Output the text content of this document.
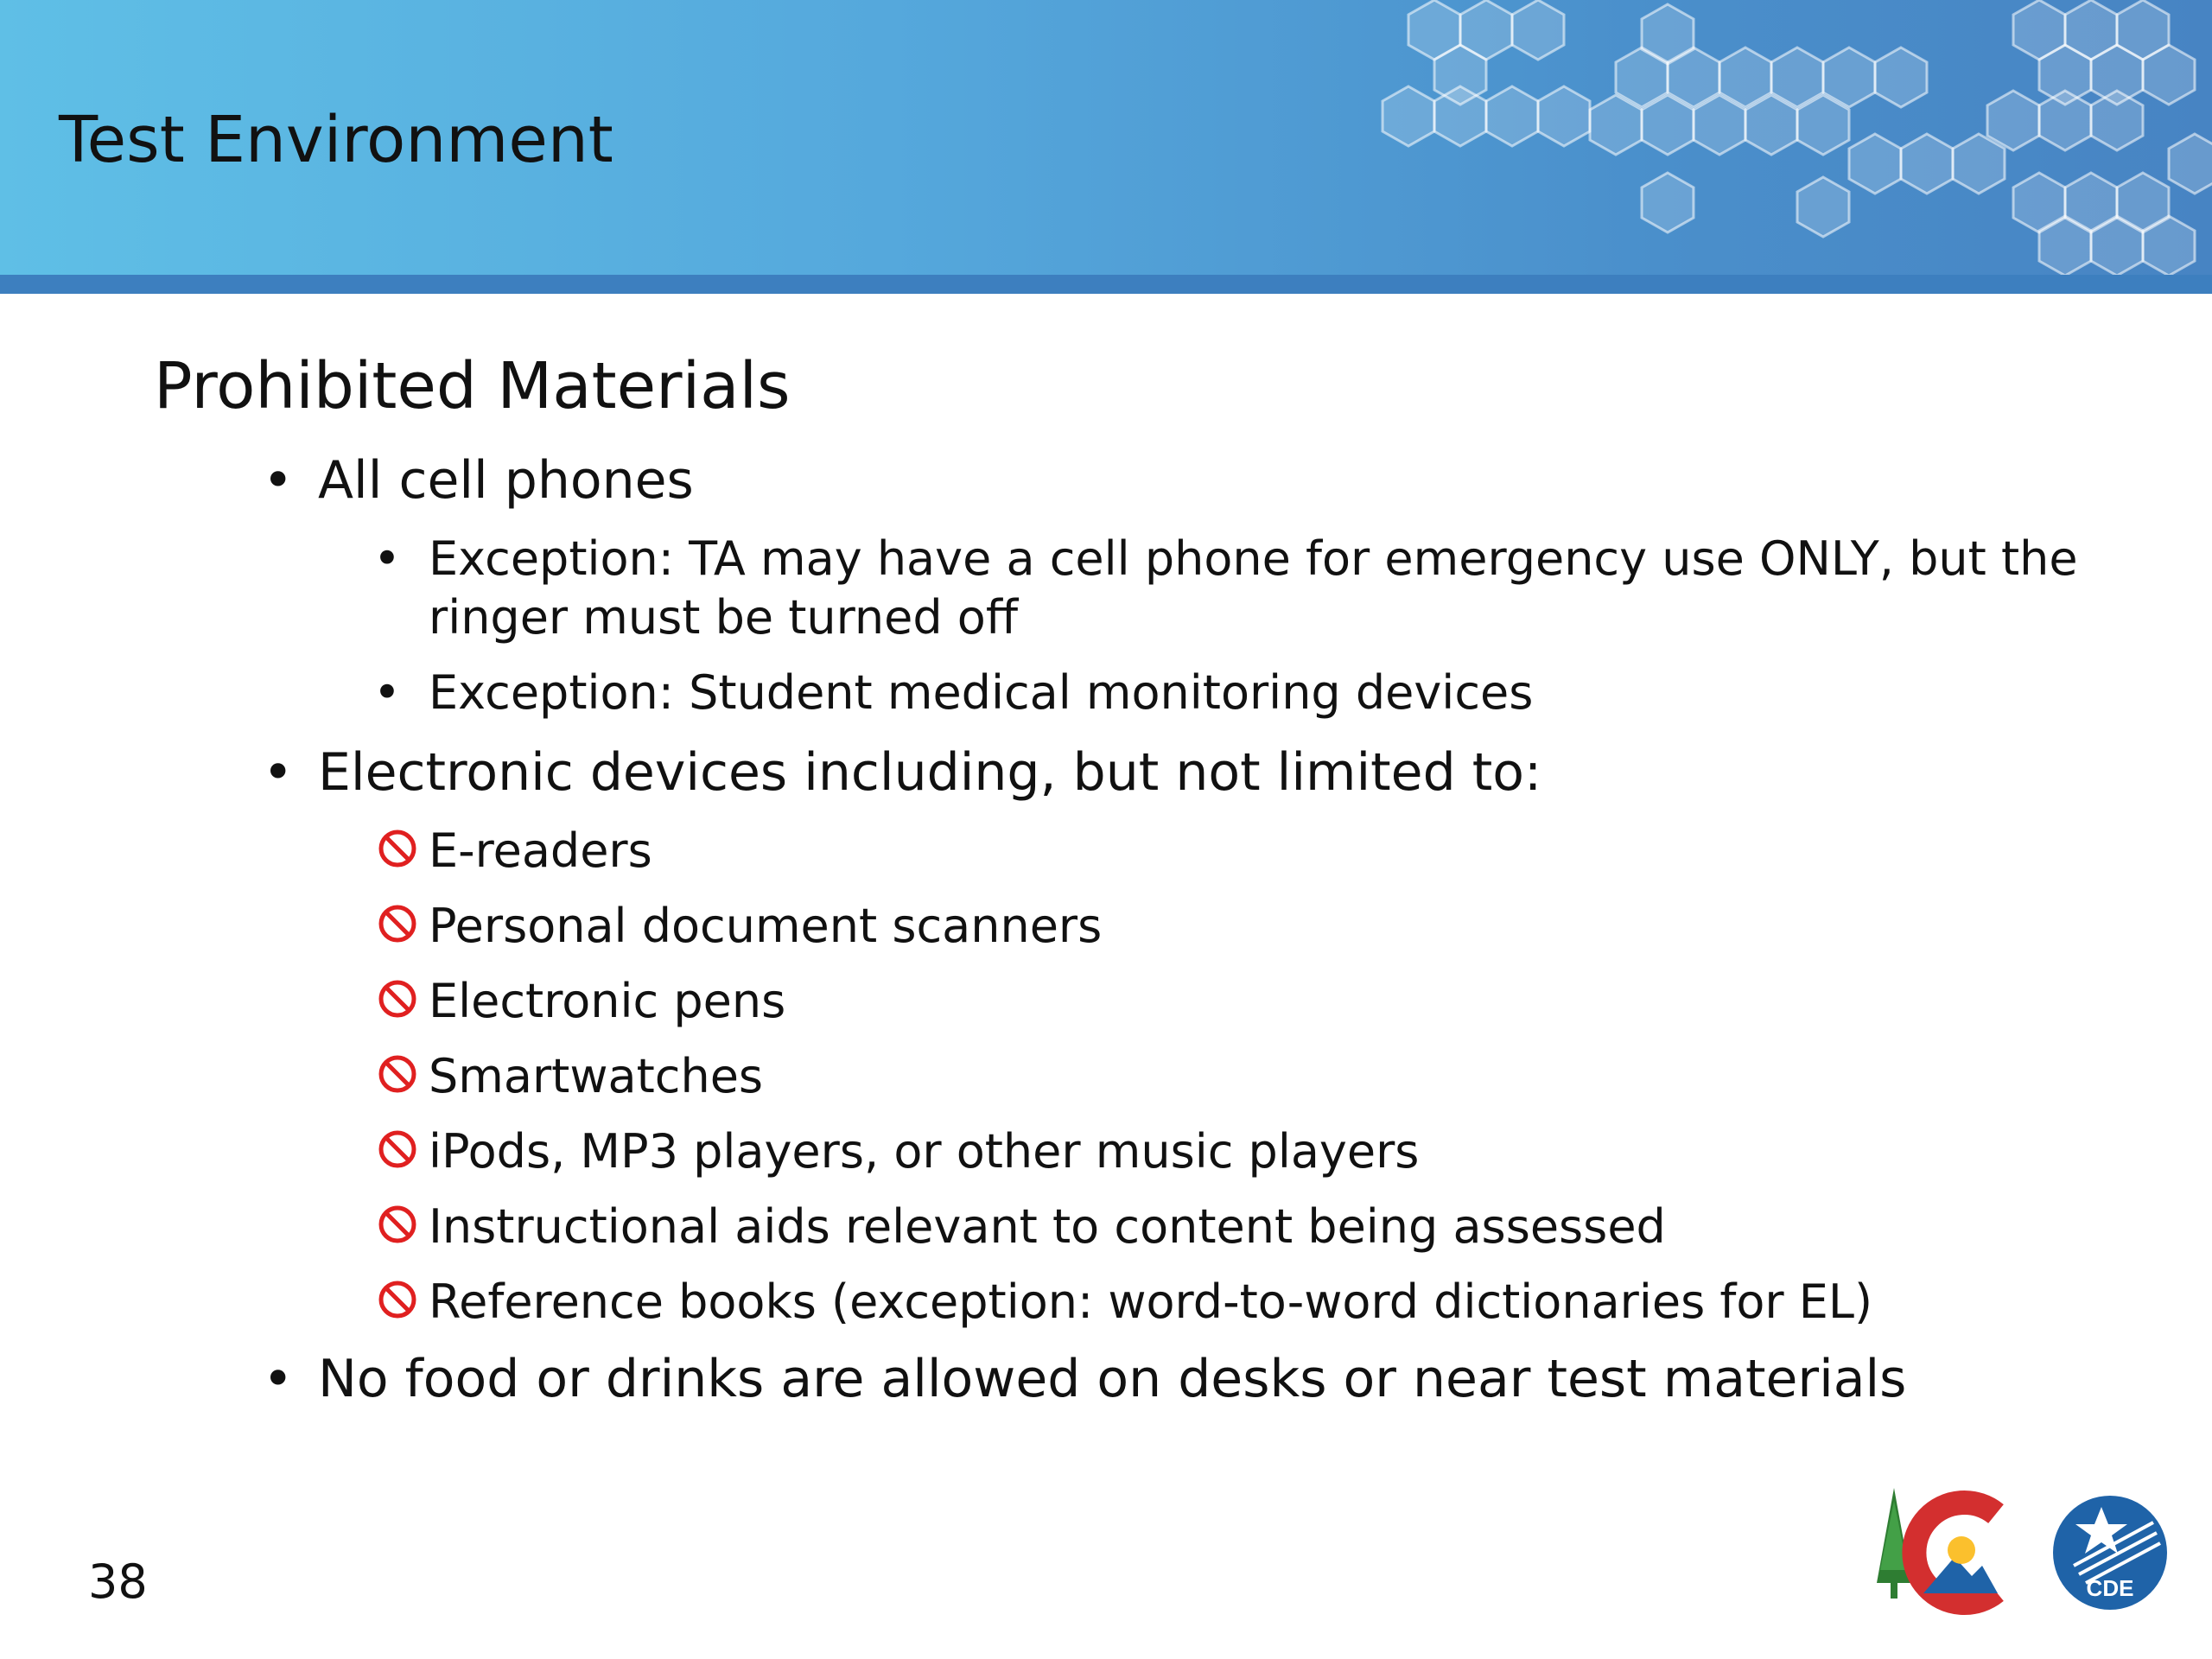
Test Environment
Prohibited Materials
• All cell phones
• Exception: TA may have a cell phone for emergency use ONLY, but the
ringer must be turned off
• Exception: Student medical monitoring devices
• Electronic devices including, but not limited to:
E-readers
Personal document scanners
Electronic pens
Smartwatches
iPods, MP3 players, or other music players
Instructional aids relevant to content being assessed
Reference books (exception: word-to-word dictionaries for EL)
• No food or drinks are allowed on desks or near test materials
38	CDE
